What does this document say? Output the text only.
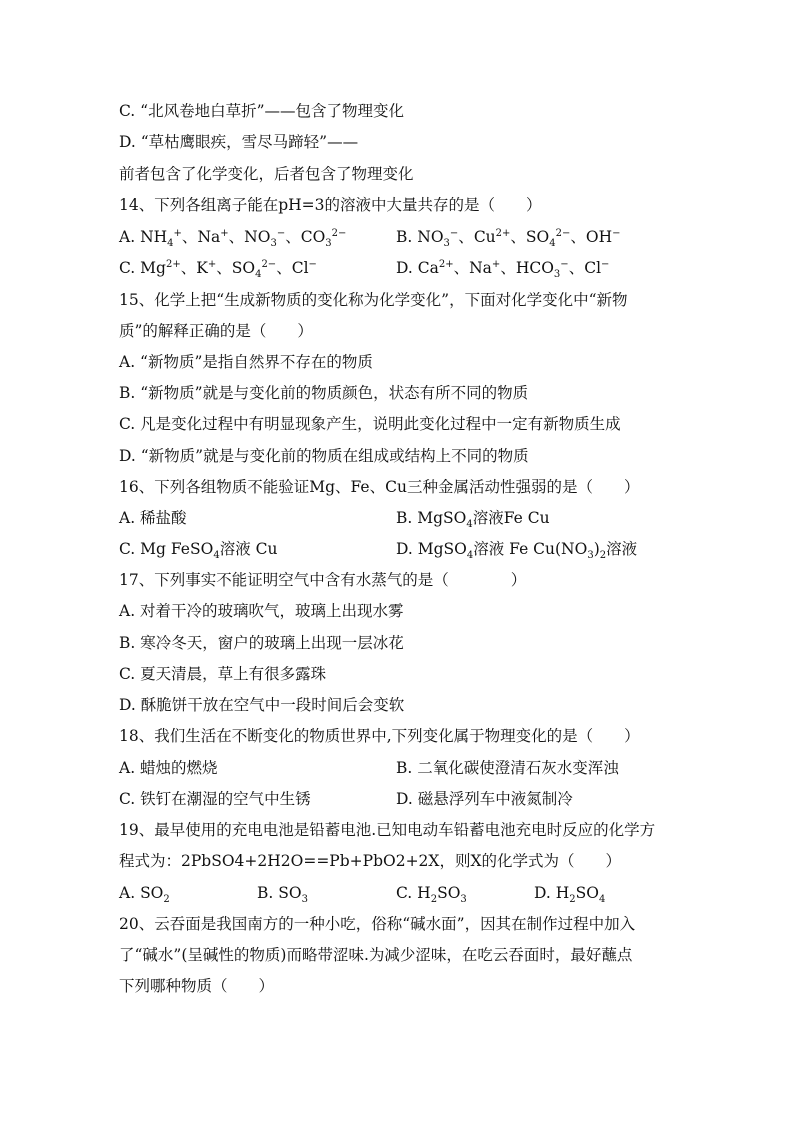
C. “北风卷地白草折”——包含了物理变化
D. “草枯鹰眼疾，雪尽马蹄轻”——
前者包含了化学变化，后者包含了物理变化
14、下列各组离子能在pH=3的溶液中大量共存的是（　　）
A. $NH_4^+$、Na+、$NO_3^-$、$CO_3^{2-}$	B. $NO_3^-$、$Cu^{2+}$、$SO_4^{2-}$、OH−
C. $Mg^{2+}$、K+、$SO_4^{2-}$、Cl−	D. $Ca^{2+}$、Na+、$HCO_3^-$、Cl−
15、化学上把“生成新物质的变化称为化学变化”，下面对化学变化中“新物
质”的解释正确的是（　　）
A. “新物质”是指自然界不存在的物质
B. “新物质”就是与变化前的物质颜色，状态有所不同的物质
C. 凡是变化过程中有明显现象产生，说明此变化过程中一定有新物质生成
D. “新物质”就是与变化前的物质在组成或结构上不同的物质
16、下列各组物质不能验证Mg、Fe、Cu三种金属活动性强弱的是（　　）
A. 稀盐酸	B. MgSO$_4$溶液Fe Cu
C. Mg FeSO$_4$溶液 Cu	D. MgSO$_4$溶液 Fe $Cu(NO_3)_2$溶液
17、下列事实不能证明空气中含有水蒸气的是（　　　　）
A. 对着干冷的玻璃吹气，玻璃上出现水雾
B. 寒冷冬天，窗户的玻璃上出现一层冰花
C. 夏天清晨，草上有很多露珠
D. 酥脆饼干放在空气中一段时间后会变软
18、我们生活在不断变化的物质世界中,下列变化属于物理变化的是（　　）
A. 蜡烛的燃烧	B. 二氧化碳使澄清石灰水变浑浊
C. 铁钉在潮湿的空气中生锈	D. 磁悬浮列车中液氮制冷
19、最早使用的充电电池是铅蓄电池.已知电动车铅蓄电池充电时反应的化学方
程式为：2PbSO4+2H2O==Pb+PbO2+2X，则X的化学式为（　　）
A. $SO_2$	B. $SO_3$	C. $H_2SO_3$	D. $H_2SO_4$
20、云吞面是我国南方的一种小吃，俗称“碱水面”，因其在制作过程中加入
了“碱水”(呈碱性的物质)而略带涩味.为减少涩味，在吃云吞面时，最好蘸点
下列哪种物质（　　）
